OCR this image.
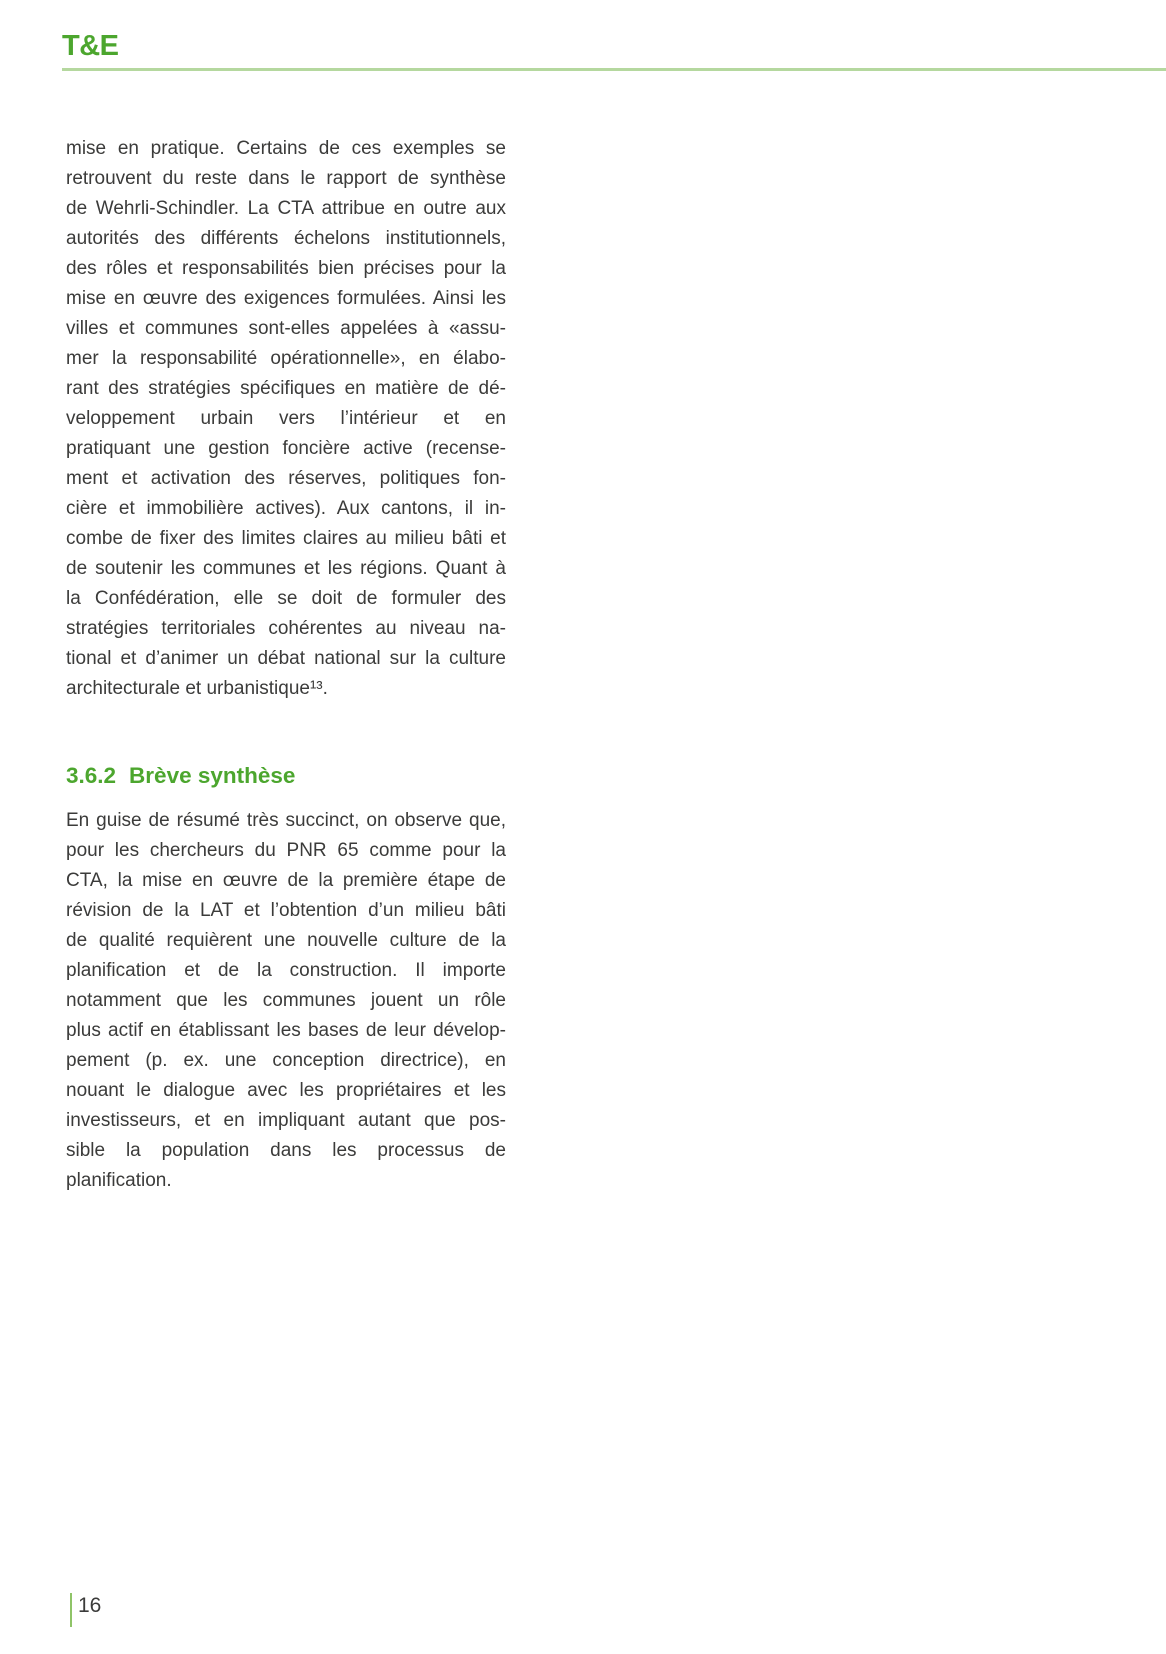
T&E
mise en pratique. Certains de ces exemples se
retrouvent du reste dans le rapport de synthèse
de Wehrli-Schindler. La CTA attribue en outre aux
autorités des différents échelons institutionnels,
des rôles et responsabilités bien précises pour la
mise en œuvre des exigences formulées. Ainsi les
villes et communes sont-elles appelées à «assu-
mer la responsabilité opérationnelle», en élabo-
rant des stratégies spécifiques en matière de dé-
veloppement urbain vers l’intérieur et en
pratiquant une gestion foncière active (recense-
ment et activation des réserves, politiques fon-
cière et immobilière actives). Aux cantons, il in-
combe de fixer des limites claires au milieu bâti et
de soutenir les communes et les régions. Quant à
la Confédération, elle se doit de formuler des
stratégies territoriales cohérentes au niveau na-
tional et d’animer un débat national sur la culture
architecturale et urbanistique¹³.
3.6.2 Brève synthèse
En guise de résumé très succinct, on observe que,
pour les chercheurs du PNR 65 comme pour la
CTA, la mise en œuvre de la première étape de
révision de la LAT et l’obtention d’un milieu bâti
de qualité requièrent une nouvelle culture de la
planification et de la construction. Il importe
notamment que les communes jouent un rôle
plus actif en établissant les bases de leur dévelop-
pement (p. ex. une conception directrice), en
nouant le dialogue avec les propriétaires et les
investisseurs, et en impliquant autant que pos-
sible la population dans les processus de
planification.
16
